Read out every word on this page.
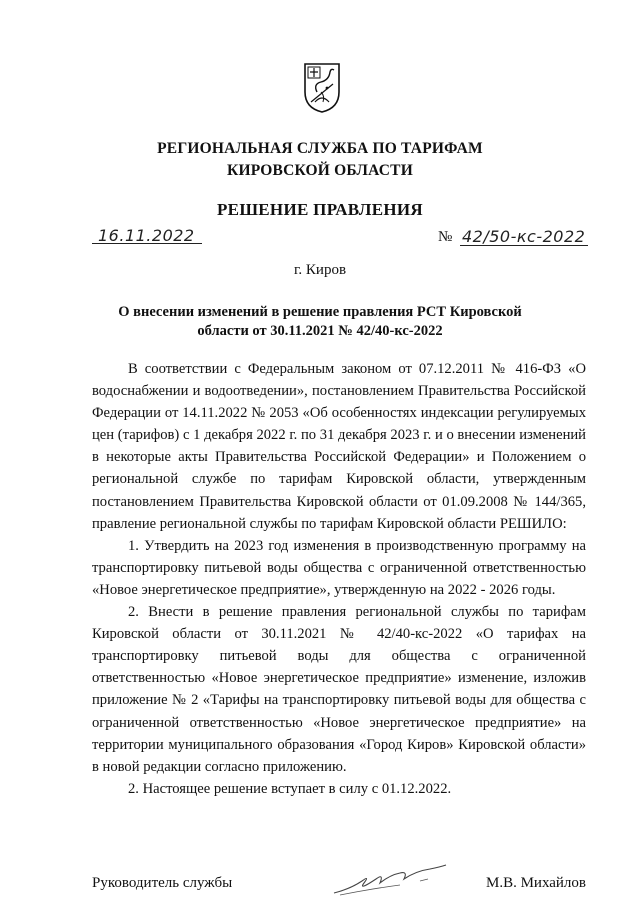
РЕГИОНАЛЬНАЯ СЛУЖБА ПО ТАРИФАМ
КИРОВСКОЙ ОБЛАСТИ
РЕШЕНИЕ ПРАВЛЕНИЯ
16.11.2022	№ 42/50-кс-2022
г. Киров
О внесении изменений в решение правления РСТ Кировской
области от 30.11.2021 № 42/40-кс-2022

В соответствии с Федеральным законом от 07.12.2011 № 416-ФЗ «О водоснабжении и водоотведении», постановлением Правительства Российской Федерации от 14.11.2022 № 2053 «Об особенностях индексации регулируемых цен (тарифов) с 1 декабря 2022 г. по 31 декабря 2023 г. и о внесении изменений в некоторые акты Правительства Российской Федерации» и Положением о региональной службе по тарифам Кировской области, утвержденным постановлением Правительства Кировской области от 01.09.2008 № 144/365, правление региональной службы по тарифам Кировской области РЕШИЛО:

1. Утвердить на 2023 год изменения в производственную программу на транспортировку питьевой воды общества с ограниченной ответственностью «Новое энергетическое предприятие», утвержденную на 2022 - 2026 годы.

2. Внести в решение правления региональной службы по тарифам Кировской области от 30.11.2021 № 42/40-кс-2022 «О тарифах на транспортировку питьевой воды для общества с ограниченной ответственностью «Новое энергетическое предприятие» изменение, изложив приложение № 2 «Тарифы на транспортировку питьевой воды для общества с ограниченной ответственностью «Новое энергетическое предприятие» на территории муниципального образования «Город Киров» Кировской области» в новой редакции согласно приложению.

2. Настоящее решение вступает в силу с 01.12.2022.

Руководитель службы	М.В. Михайлов
